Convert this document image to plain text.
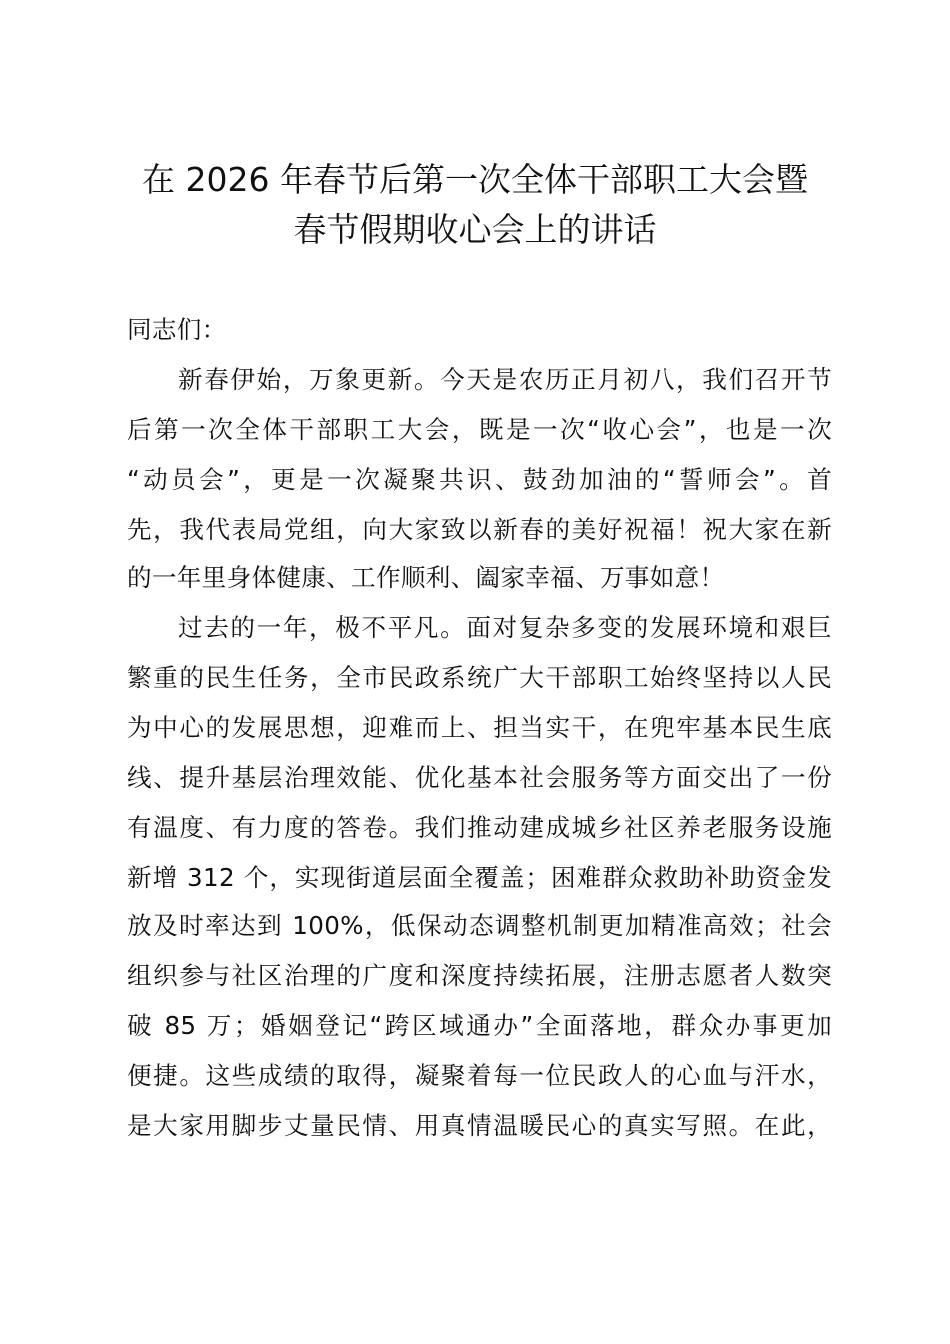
在 2026 年春节后第一次全体干部职工大会暨
春节假期收心会上的讲话
同志们：
新春伊始，万象更新。今天是农历正月初八，我们召开节
后第一次全体干部职工大会，既是一次“收心会”，也是一次
“动员会”，更是一次凝聚共识、鼓劲加油的“誓师会”。首
先，我代表局党组，向大家致以新春的美好祝福！祝大家在新
的一年里身体健康、工作顺利、阖家幸福、万事如意！
过去的一年，极不平凡。面对复杂多变的发展环境和艰巨
繁重的民生任务，全市民政系统广大干部职工始终坚持以人民
为中心的发展思想，迎难而上、担当实干，在兜牢基本民生底
线、提升基层治理效能、优化基本社会服务等方面交出了一份
有温度、有力度的答卷。我们推动建成城乡社区养老服务设施
新增 312 个，实现街道层面全覆盖；困难群众救助补助资金发
放及时率达到 100%，低保动态调整机制更加精准高效；社会
组织参与社区治理的广度和深度持续拓展，注册志愿者人数突
破 85 万；婚姻登记“跨区域通办”全面落地，群众办事更加
便捷。这些成绩的取得，凝聚着每一位民政人的心血与汗水，
是大家用脚步丈量民情、用真情温暖民心的真实写照。在此，
